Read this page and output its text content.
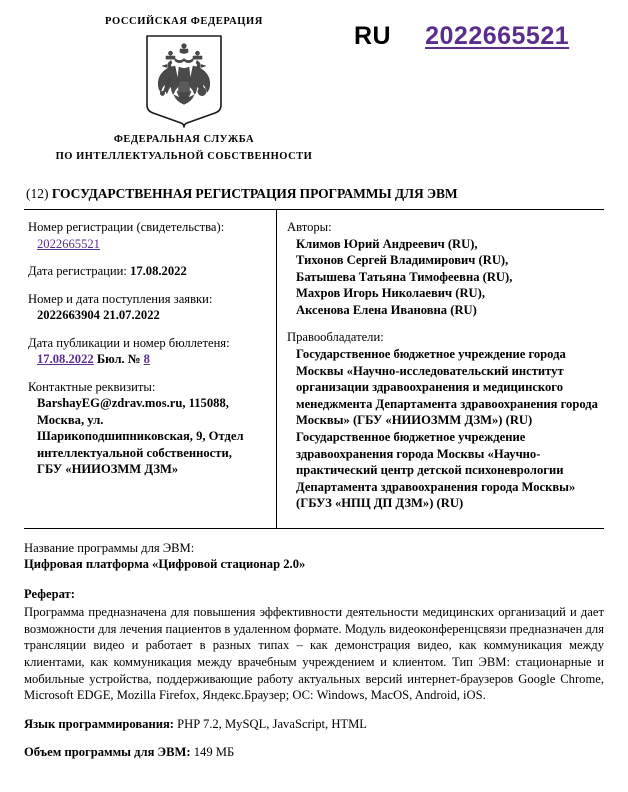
РОССИЙСКАЯ ФЕДЕРАЦИЯ
ФЕДЕРАЛЬНАЯ СЛУЖБА
ПО ИНТЕЛЛЕКТУАЛЬНОЙ СОБСТВЕННОСТИ
RU 2022665521
(12) ГОСУДАРСТВЕННАЯ РЕГИСТРАЦИЯ ПРОГРАММЫ ДЛЯ ЭВМ
Номер регистрации (свидетельства):
2022665521
Дата регистрации: 17.08.2022
Номер и дата поступления заявки:
2022663904 21.07.2022
Дата публикации и номер бюллетеня:
17.08.2022 Бюл. № 8
Контактные реквизиты:
BarshayEG@zdrav.mos.ru, 115088,
Москва, ул.
Шарикоподшипниковская, 9, Отдел
интеллектуальной собственности,
ГБУ «НИИОЗММ ДЗМ»
Авторы:
Климов Юрий Андреевич (RU),
Тихонов Сергей Владимирович (RU),
Батышева Татьяна Тимофеевна (RU),
Махров Игорь Николаевич (RU),
Аксенова Елена Ивановна (RU)
Правообладатели:

Государственное бюджетное учреждение города Москвы «Научно-исследовательский институт организации здравоохранения и медицинского менеджмента Департамента здравоохранения города Москвы» (ГБУ «НИИОЗММ ДЗМ») (RU)

Государственное бюджетное учреждение здравоохранения города Москвы «Научно-практический центр детской психоневрологии Департамента здравоохранения города Москвы» (ГБУЗ «НПЦ ДП ДЗМ») (RU)

Название программы для ЭВМ:
Цифровая платформа «Цифровой стационар 2.0»
Реферат:
Программа предназначена для повышения эффективности деятельности медицинских организаций и дает возможности для лечения пациентов в удаленном формате. Модуль видеоконференцсвязи предназначен для трансляции видео и работает в разных типах – как демонстрация видео, как коммуникация между клиентами, как коммуникация между врачебным учреждением и клиентом. Тип ЭВМ: стационарные и мобильные устройства, поддерживающие работу актуальных версий интернет-браузеров Google Chrome, Microsoft EDGE, Mozilla Firefox, Яндекс.Браузер; ОС: Windows, MacOS, Android, iOS.
Язык программирования: PHP 7.2, MySQL, JavaScript, HTML
Объем программы для ЭВМ: 149 МБ
